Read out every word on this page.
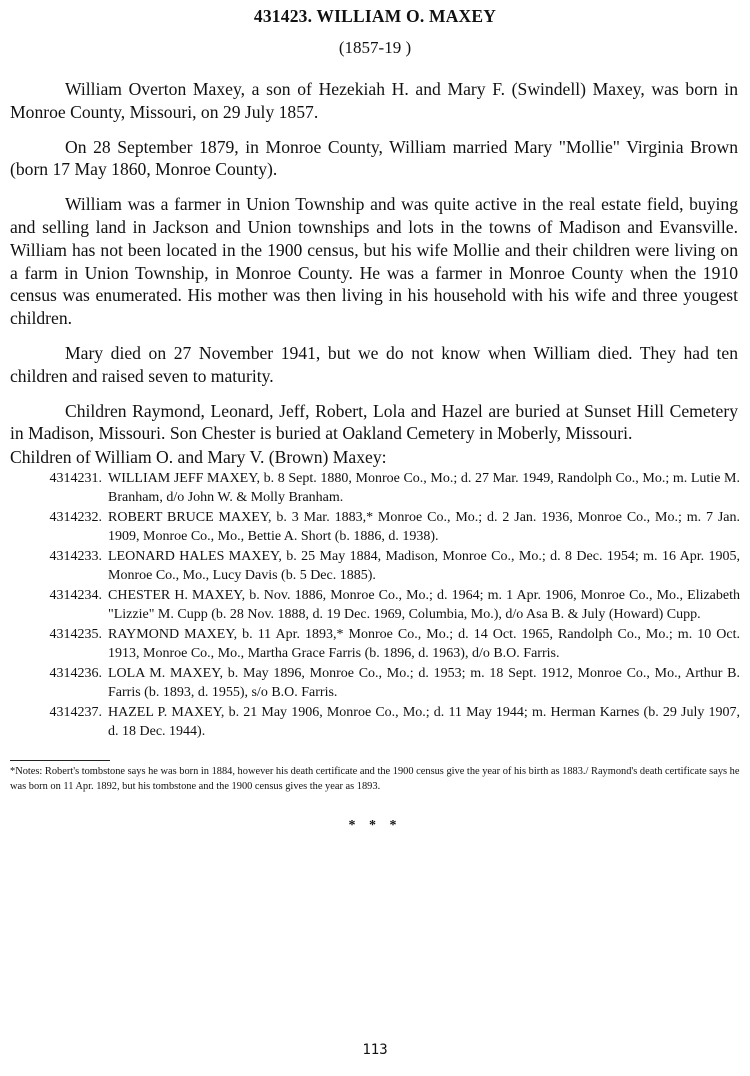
431423. WILLIAM O. MAXEY
(1857-19 )

William Overton Maxey, a son of Hezekiah H. and Mary F. (Swindell) Maxey, was born in Monroe County, Missouri, on 29 July 1857.

On 28 September 1879, in Monroe County, William married Mary "Mollie" Virginia Brown (born 17 May 1860, Monroe County).

William was a farmer in Union Township and was quite active in the real estate field, buying and selling land in Jackson and Union townships and lots in the towns of Madison and Evansville. William has not been located in the 1900 census, but his wife Mollie and their children were living on a farm in Union Township, in Monroe County. He was a farmer in Monroe County when the 1910 census was enumerated. His mother was then living in his household with his wife and three yougest children.

Mary died on 27 November 1941, but we do not know when William died. They had ten children and raised seven to maturity.

Children Raymond, Leonard, Jeff, Robert, Lola and Hazel are buried at Sunset Hill Cemetery in Madison, Missouri. Son Chester is buried at Oakland Cemetery in Moberly, Missouri.

Children of William O. and Mary V. (Brown) Maxey:
4314231. WILLIAM JEFF MAXEY, b. 8 Sept. 1880, Monroe Co., Mo.; d. 27 Mar. 1949, Randolph Co., Mo.; m. Lutie M. Branham, d/o John W. & Molly Branham.
4314232. ROBERT BRUCE MAXEY, b. 3 Mar. 1883,* Monroe Co., Mo.; d. 2 Jan. 1936, Monroe Co., Mo.; m. 7 Jan. 1909, Monroe Co., Mo., Bettie A. Short (b. 1886, d. 1938).
4314233. LEONARD HALES MAXEY, b. 25 May 1884, Madison, Monroe Co., Mo.; d. 8 Dec. 1954; m. 16 Apr. 1905, Monroe Co., Mo., Lucy Davis (b. 5 Dec. 1885).
4314234. CHESTER H. MAXEY, b. Nov. 1886, Monroe Co., Mo.; d. 1964; m. 1 Apr. 1906, Monroe Co., Mo., Elizabeth "Lizzie" M. Cupp (b. 28 Nov. 1888, d. 19 Dec. 1969, Columbia, Mo.), d/o Asa B. & July (Howard) Cupp.
4314235. RAYMOND MAXEY, b. 11 Apr. 1893,* Monroe Co., Mo.; d. 14 Oct. 1965, Randolph Co., Mo.; m. 10 Oct. 1913, Monroe Co., Mo., Martha Grace Farris (b. 1896, d. 1963), d/o B.O. Farris.
4314236. LOLA M. MAXEY, b. May 1896, Monroe Co., Mo.; d. 1953; m. 18 Sept. 1912, Monroe Co., Mo., Arthur B. Farris (b. 1893, d. 1955), s/o B.O. Farris.
4314237. HAZEL P. MAXEY, b. 21 May 1906, Monroe Co., Mo.; d. 11 May 1944; m. Herman Karnes (b. 29 July 1907, d. 18 Dec. 1944).
*Notes: Robert's tombstone says he was born in 1884, however his death certificate and the 1900 census give the year of his birth as 1883./ Raymond's death certificate says he was born on 11 Apr. 1892, but his tombstone and the 1900 census gives the year as 1893.
* * *
113
